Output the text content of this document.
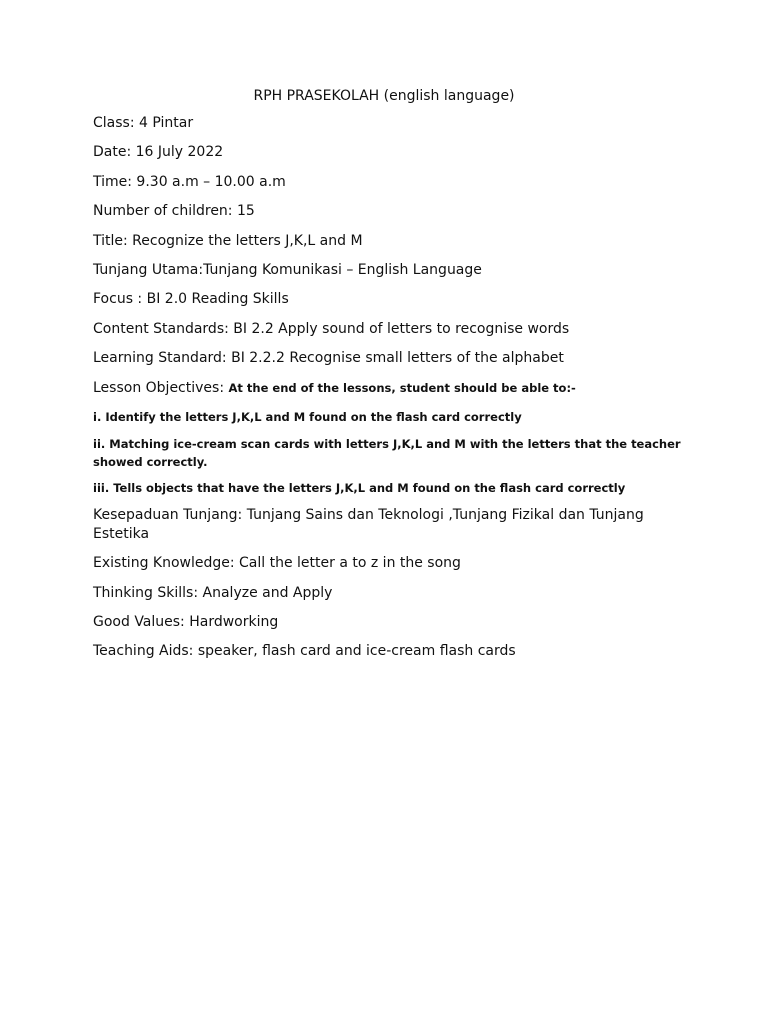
RPH PRASEKOLAH (english language)
Class: 4 Pintar
Date: 16 July 2022
Time: 9.30 a.m – 10.00 a.m
Number of children: 15
Title: Recognize the letters J,K,L and M
Tunjang Utama:Tunjang Komunikasi – English Language
Focus : BI 2.0 Reading Skills
Content Standards: BI 2.2 Apply sound of letters to recognise words
Learning Standard: BI 2.2.2 Recognise small letters of the alphabet
Lesson Objectives: At the end of the lessons, student should be able to:-
i. Identify the letters J,K,L and M found on the flash card correctly
ii. Matching ice-cream scan cards with letters J,K,L and M with the letters that the teacher showed correctly.
iii. Tells objects that have the letters J,K,L and M found on the flash card correctly
Kesepaduan Tunjang: Tunjang Sains dan Teknologi ,Tunjang Fizikal dan Tunjang Estetika
Existing Knowledge: Call the letter a to z in the song
Thinking Skills: Analyze and Apply
Good Values: Hardworking
Teaching Aids: speaker, flash card and ice-cream flash cards
